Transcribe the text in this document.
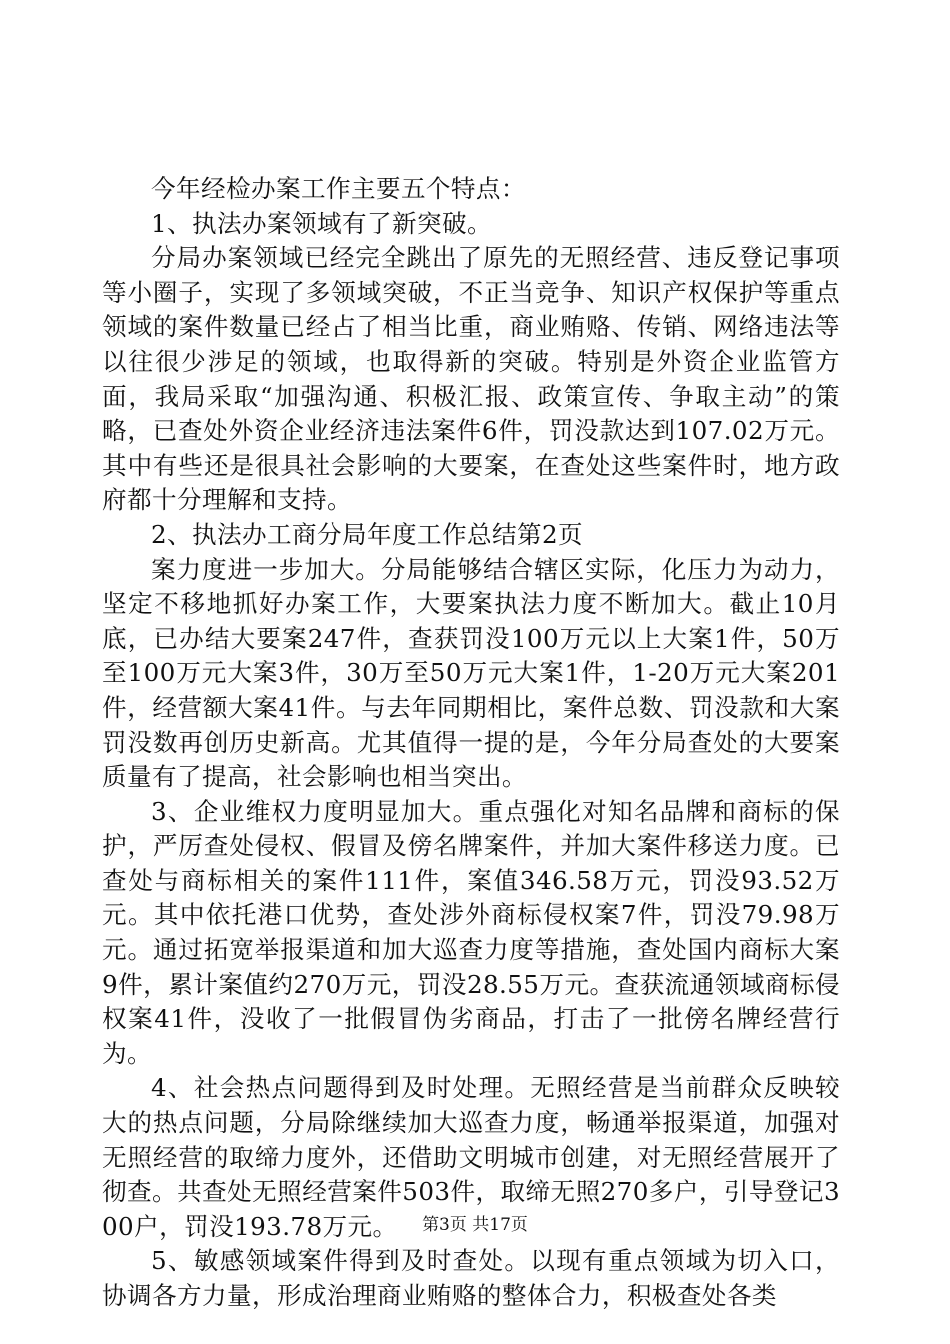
今年经检办案工作主要五个特点：

1、执法办案领域有了新突破。

分局办案领域已经完全跳出了原先的无照经营、违反登记事项等小圈子，实现了多领域突破，不正当竞争、知识产权保护等重点领域的案件数量已经占了相当比重，商业贿赂、传销、网络违法等以往很少涉足的领域，也取得新的突破。特别是外资企业监管方面，我局采取“加强沟通、积极汇报、政策宣传、争取主动”的策略，已查处外资企业经济违法案件6件，罚没款达到107.02万元。其中有些还是很具社会影响的大要案，在查处这些案件时，地方政府都十分理解和支持。

2、执法办工商分局年度工作总结第2页

案力度进一步加大。分局能够结合辖区实际，化压力为动力，坚定不移地抓好办案工作，大要案执法力度不断加大。截止10月底，已办结大要案247件，查获罚没100万元以上大案1件，50万至100万元大案3件，30万至50万元大案1件，1-20万元大案201件，经营额大案41件。与去年同期相比，案件总数、罚没款和大案罚没数再创历史新高。尤其值得一提的是，今年分局查处的大要案质量有了提高，社会影响也相当突出。

3、企业维权力度明显加大。重点强化对知名品牌和商标的保护，严厉查处侵权、假冒及傍名牌案件，并加大案件移送力度。已查处与商标相关的案件111件，案值346.58万元，罚没93.52万元。其中依托港口优势，查处涉外商标侵权案7件，罚没79.98万元。通过拓宽举报渠道和加大巡查力度等措施，查处国内商标大案9件，累计案值约270万元，罚没28.55万元。查获流通领域商标侵权案41件，没收了一批假冒伪劣商品，打击了一批傍名牌经营行为。

4、社会热点问题得到及时处理。无照经营是当前群众反映较大的热点问题，分局除继续加大巡查力度，畅通举报渠道，加强对无照经营的取缔力度外，还借助文明城市创建，对无照经营展开了彻查。共查处无照经营案件503件，取缔无照270多户，引导登记300户，罚没193.78万元。

5、敏感领域案件得到及时查处。以现有重点领域为切入口，协调各方力量，形成治理商业贿赂的整体合力，积极查处各类

第3页 共17页
